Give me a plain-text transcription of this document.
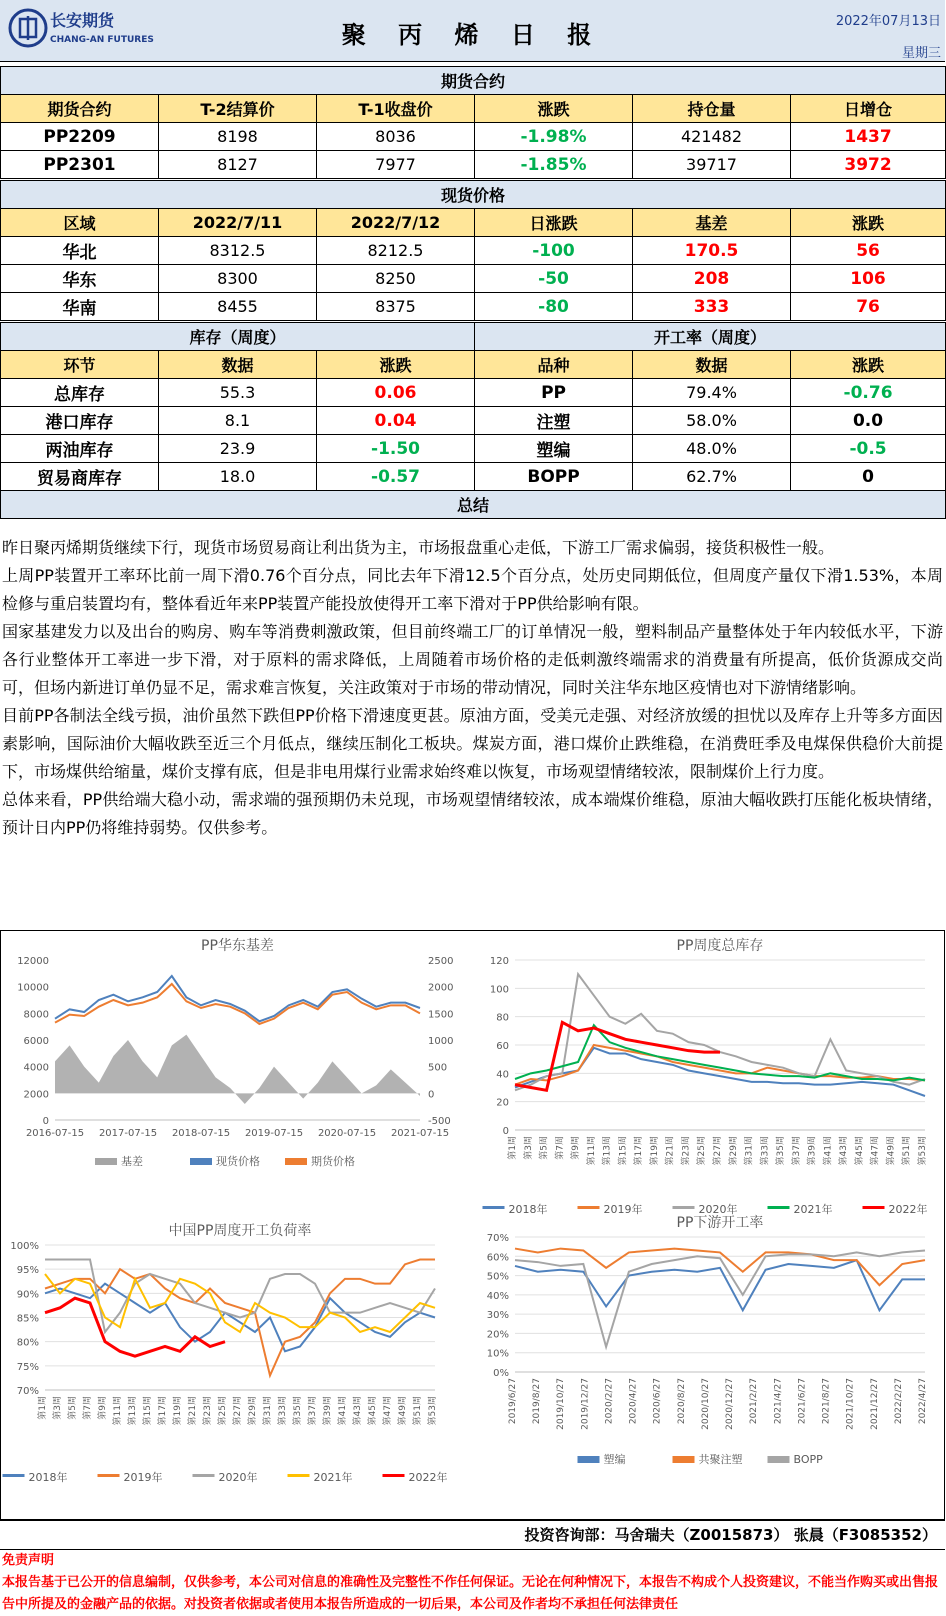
长安期货
CHANG-AN FUTURES	聚 丙 烯 日 报	2022年07月13日
星期三
期货合约					
期货合约	T-2结算价	T-1收盘价	涨跌	持仓量	日增仓
PP2209	8198	8036	-1.98%	421482	1437
PP2301	8127	7977	-1.85%	39717	3972
现货价格					
区域	2022/7/11	2022/7/12	日涨跌	基差	涨跌
华北	8312.5	8212.5	-100	170.5	56
华东	8300	8250	-50	208	106
华南	8455	8375	-80	333	76
库存（周度）			开工率（周度）		
环节	数据	涨跌	品种	数据	涨跌
总库存	55.3	0.06	PP	79.4%	-0.76
港口库存	8.1	0.04	注塑	58.0%	0.0
两油库存	23.9	-1.50	塑编	48.0%	-0.5
贸易商库存	18.0	-0.57	BOPP	62.7%	0
总结					

昨日聚丙烯期货继续下行，现货市场贸易商让利出货为主，市场报盘重心走低，下游工厂需求偏弱，接货积极性一般。

上周PP装置开工率环比前一周下滑0.76个百分点，同比去年下滑12.5个百分点，处历史同期低位，但周度产量仅下滑1.53%，本周检修与重启装置均有，整体看近年来PP装置产能投放使得开工率下滑对于PP供给影响有限。

国家基建发力以及出台的购房、购车等消费刺激政策，但目前终端工厂的订单情况一般，塑料制品产量整体处于年内较低水平，下游各行业整体开工率进一步下滑，对于原料的需求降低，上周随着市场价格的走低刺激终端需求的消费量有所提高，低价货源成交尚可，但场内新进订单仍显不足，需求难言恢复，关注政策对于市场的带动情况，同时关注华东地区疫情也对下游情绪影响。

目前PP各制法全线亏损，油价虽然下跌但PP价格下滑速度更甚。原油方面，受美元走强、对经济放缓的担忧以及库存上升等多方面因素影响，国际油价大幅收跌至近三个月低点，继续压制化工板块。煤炭方面，港口煤价止跌维稳，在消费旺季及电煤保供稳价大前提下，市场煤供给缩量，煤价支撑有底，但是非电用煤行业需求始终难以恢复，市场观望情绪较浓，限制煤价上行力度。

总体来看，PP供给端大稳小动，需求端的强预期仍未兑现，市场观望情绪较浓，成本端煤价维稳，原油大幅收跌打压能化板块情绪，预计日内PP仍将维持弱势。仅供参考。

PP华东基差
0
2000
4000
6000
8000
10000
12000
-500
0
500
1000
1500
2000
2500
2016-07-15 2017-07-15 2018-07-15 2019-07-15 2020-07-15 2021-07-15
基差	现货价格	期货价格
PP周度总库存
0
20
40
60
80
100
120
第1周 第3周 第5周 第7周 第9周 第11周 第13周 第15周 第17周 第19周 第21周 第23周 第25周 第27周 第29周 第31周 第33周 第35周 第37周 第39周 第41周 第43周 第45周 第47周 第49周 第51周 第53周
2018年	2019年	2020年	2021年	2022年
中国PP周度开工负荷率
70%
75%
80%
85%
90%
95%
100%
第1周 第3周 第5周 第7周 第9周 第11周 第13周 第15周 第17周 第19周 第21周 第23周 第25周 第27周 第29周 第31周 第33周 第35周 第37周 第39周 第41周 第43周 第45周 第47周 第49周 第51周 第53周
2018年	2019年	2020年	2021年	2022年
PP下游开工率
0%
10%
20%
30%
40%
50%
60%
70%
2019/6/27 2019/8/27 2019/10/27 2019/12/27 2020/2/27 2020/4/27 2020/6/27 2020/8/27 2020/10/27 2020/12/27 2021/2/27 2021/4/27 2021/6/27 2021/8/27 2021/10/27 2021/12/27 2022/2/27 2022/4/27
塑编	共聚注塑	BOPP
投资咨询部：马舍瑞夫（Z0015873） 张晨（F3085352）
免责声明
本报告基于已公开的信息编制，仅供参考，本公司对信息的准确性及完整性不作任何保证。无论在何种情况下，本报告不构成个人投资建议，不能当作购买或出售报告中所提及的金融产品的依据。对投资者依据或者使用本报告所造成的一切后果，本公司及作者均不承担任何法律责任
